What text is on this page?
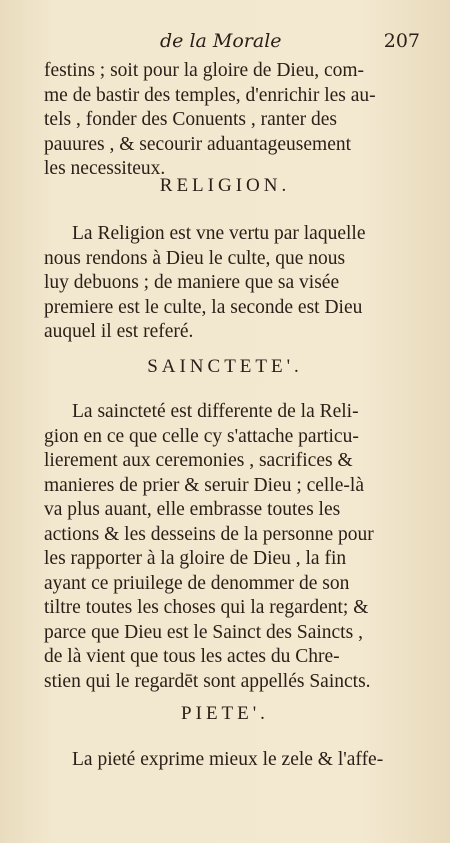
de la Morale	207
festins ; soit pour la gloire de Dieu, com-
me de bastir des temples, d'enrichir les au-
tels , fonder des Conuents , ranter des
pauures , & secourir aduantageusement
les necessiteux.
RELIGION.
La Religion est vne vertu par laquelle
nous rendons à Dieu le culte, que nous
luy debuons ; de maniere que sa visée
premiere est le culte, la seconde est Dieu
auquel il est referé.
SAINCTETE'.
La saincteté est differente de la Reli-
gion en ce que celle cy s'attache particu-
lierement aux ceremonies , sacrifices &
manieres de prier & seruir Dieu ; celle-là
va plus auant, elle embrasse toutes les
actions & les desseins de la personne pour
les rapporter à la gloire de Dieu , la fin
ayant ce priuilege de denommer de son
tiltre toutes les choses qui la regardent; &
parce que Dieu est le Sainct des Saincts ,
de là vient que tous les actes du Chre-
stien qui le regardēt sont appellés Saincts.
PIETE'.
La pieté exprime mieux le zele & l'affe-
